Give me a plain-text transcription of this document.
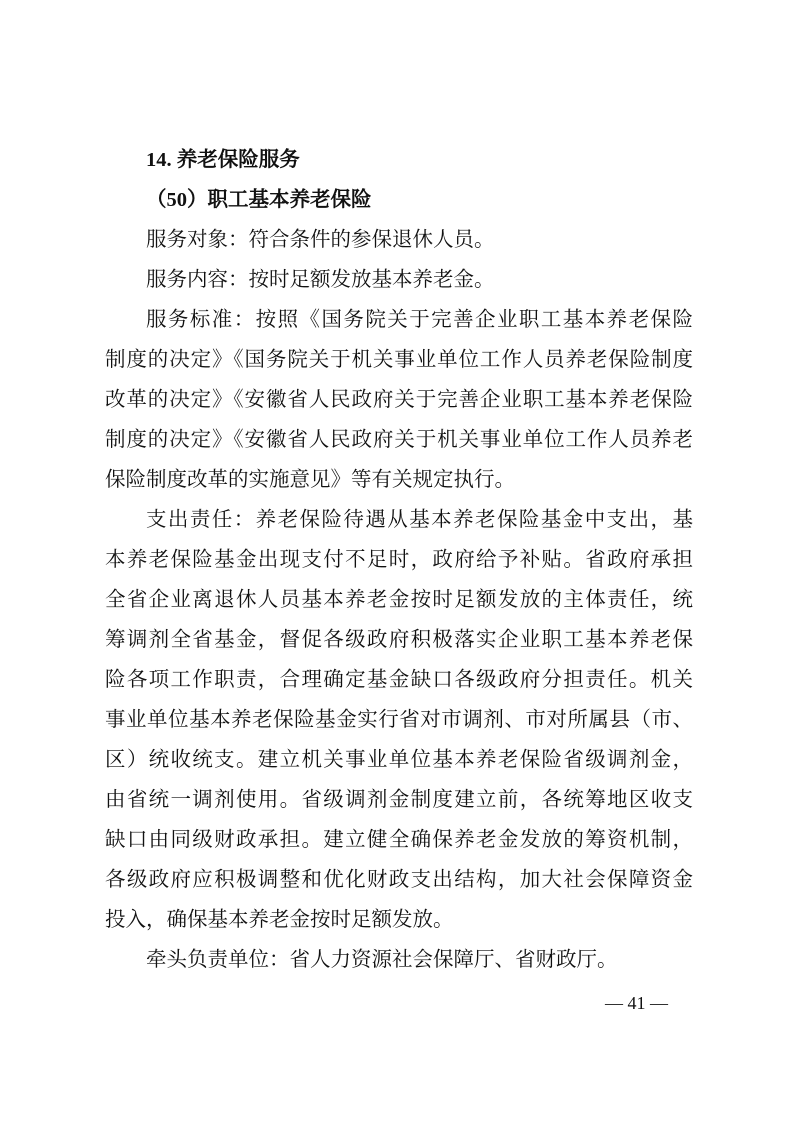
14. 养老保险服务
（50）职工基本养老保险
服务对象：符合条件的参保退休人员。
服务内容：按时足额发放基本养老金。
服务标准：按照《国务院关于完善企业职工基本养老保险
制度的决定》《国务院关于机关事业单位工作人员养老保险制度
改革的决定》《安徽省人民政府关于完善企业职工基本养老保险
制度的决定》《安徽省人民政府关于机关事业单位工作人员养老
保险制度改革的实施意见》等有关规定执行。
支出责任：养老保险待遇从基本养老保险基金中支出，基
本养老保险基金出现支付不足时，政府给予补贴。省政府承担
全省企业离退休人员基本养老金按时足额发放的主体责任，统
筹调剂全省基金，督促各级政府积极落实企业职工基本养老保
险各项工作职责，合理确定基金缺口各级政府分担责任。机关
事业单位基本养老保险基金实行省对市调剂、市对所属县（市、
区）统收统支。建立机关事业单位基本养老保险省级调剂金，
由省统一调剂使用。省级调剂金制度建立前，各统筹地区收支
缺口由同级财政承担。建立健全确保养老金发放的筹资机制，
各级政府应积极调整和优化财政支出结构，加大社会保障资金
投入，确保基本养老金按时足额发放。
牵头负责单位：省人力资源社会保障厅、省财政厅。
— 41 —
